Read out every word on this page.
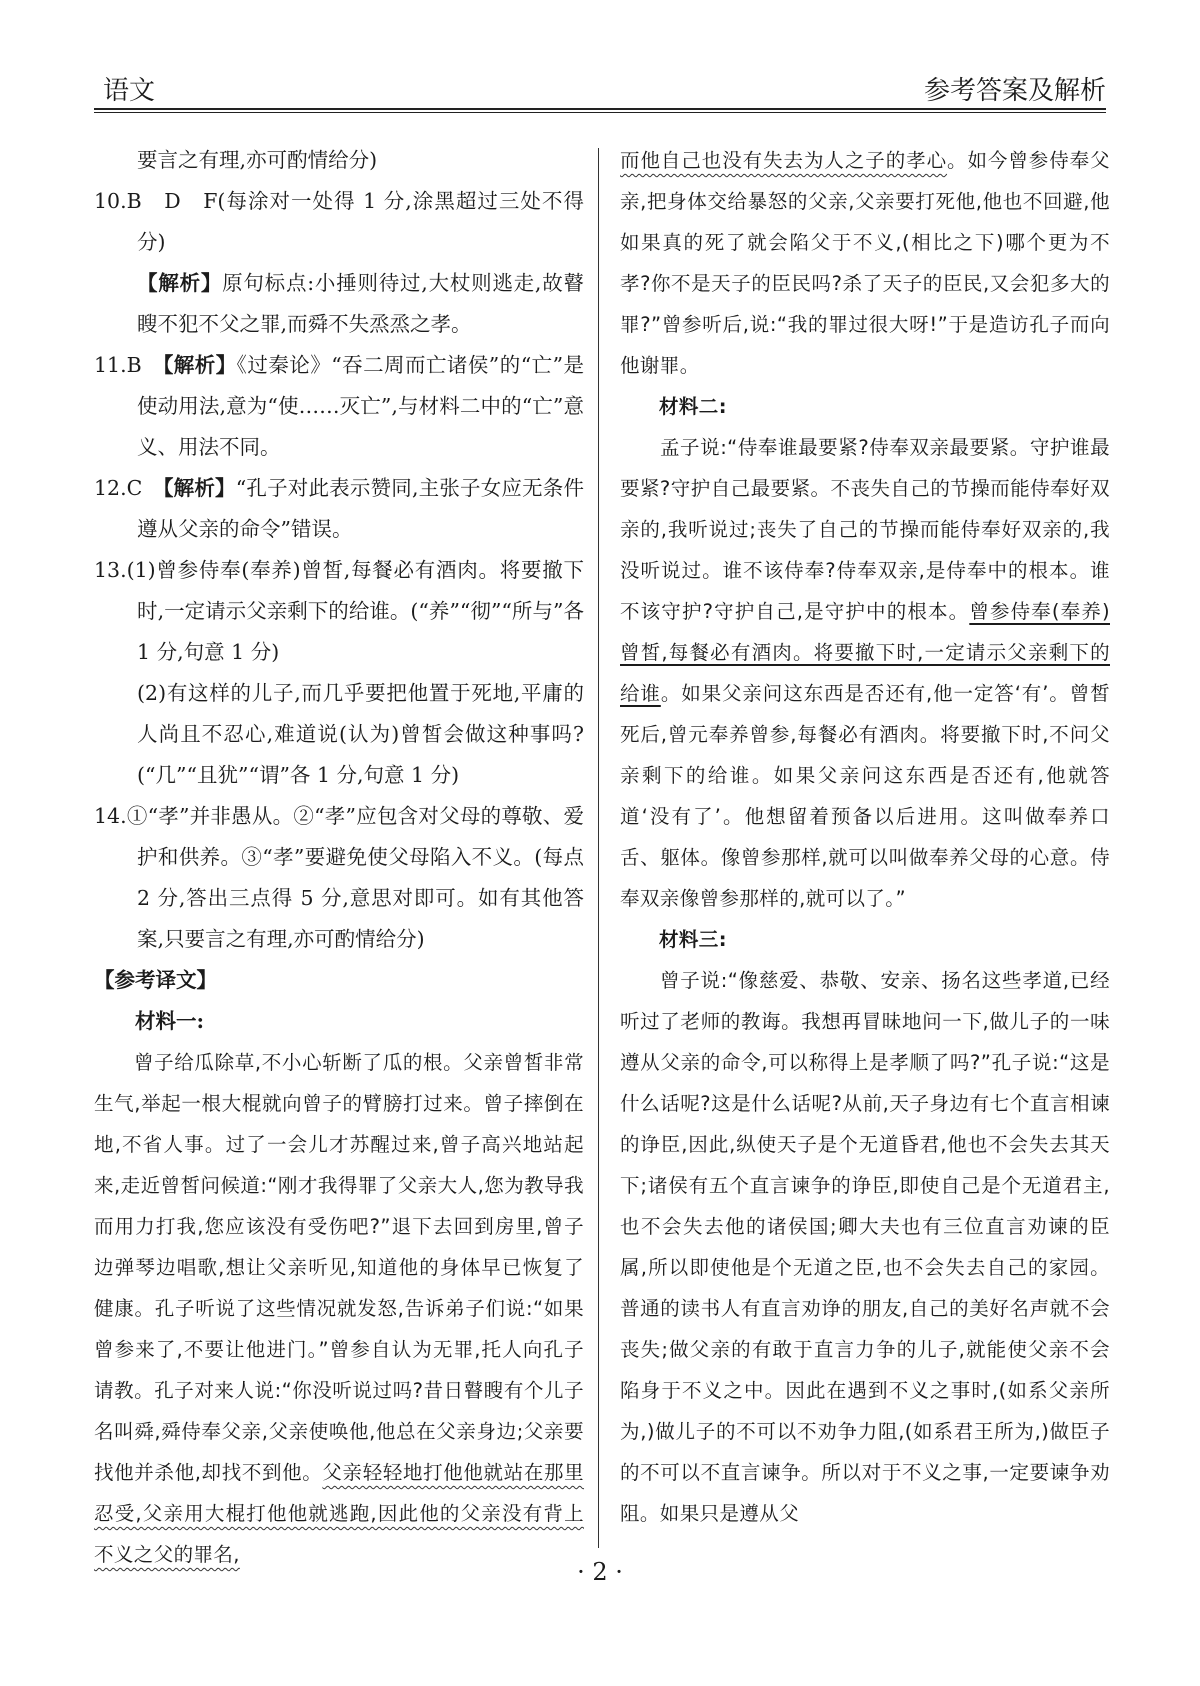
语文	参考答案及解析

要言之有理,亦可酌情给分)

10.B　D　F(每涂对一处得 1 分,涂黑超过三处不得分)

【解析】原句标点:小捶则待过,大杖则逃走,故瞽瞍不犯不父之罪,而舜不失烝烝之孝。

11.B　【解析】《过秦论》“吞二周而亡诸侯”的“亡”是使动用法,意为“使……灭亡”,与材料二中的“亡”意义、用法不同。

12.C　【解析】“孔子对此表示赞同,主张子女应无条件遵从父亲的命令”错误。

13.(1)曾参侍奉(奉养)曾皙,每餐必有酒肉。将要撤下时,一定请示父亲剩下的给谁。(“养”“彻”“所与”各 1 分,句意 1 分)

(2)有这样的儿子,而几乎要把他置于死地,平庸的人尚且不忍心,难道说(认为)曾皙会做这种事吗?(“几”“且犹”“谓”各 1 分,句意 1 分)

14.①“孝”并非愚从。②“孝”应包含对父母的尊敬、爱护和供养。③“孝”要避免使父母陷入不义。(每点 2 分,答出三点得 5 分,意思对即可。如有其他答案,只要言之有理,亦可酌情给分)

【参考译文】

材料一:

曾子给瓜除草,不小心斩断了瓜的根。父亲曾皙非常生气,举起一根大棍就向曾子的臂膀打过来。曾子摔倒在地,不省人事。过了一会儿才苏醒过来,曾子高兴地站起来,走近曾皙问候道:“刚才我得罪了父亲大人,您为教导我而用力打我,您应该没有受伤吧?”退下去回到房里,曾子边弹琴边唱歌,想让父亲听见,知道他的身体早已恢复了健康。孔子听说了这些情况就发怒,告诉弟子们说:“如果曾参来了,不要让他进门。”曾参自认为无罪,托人向孔子请教。孔子对来人说:“你没听说过吗?昔日瞽瞍有个儿子名叫舜,舜侍奉父亲,父亲使唤他,他总在父亲身边;父亲要找他并杀他,却找不到他。父亲轻轻地打他他就站在那里忍受,父亲用大棍打他他就逃跑,因此他的父亲没有背上不义之父的罪名,

而他自己也没有失去为人之子的孝心。如今曾参侍奉父亲,把身体交给暴怒的父亲,父亲要打死他,他也不回避,他如果真的死了就会陷父于不义,(相比之下)哪个更为不孝?你不是天子的臣民吗?杀了天子的臣民,又会犯多大的罪?”曾参听后,说:“我的罪过很大呀!”于是造访孔子而向他谢罪。

材料二:

孟子说:“侍奉谁最要紧?侍奉双亲最要紧。守护谁最要紧?守护自己最要紧。不丧失自己的节操而能侍奉好双亲的,我听说过;丧失了自己的节操而能侍奉好双亲的,我没听说过。谁不该侍奉?侍奉双亲,是侍奉中的根本。谁不该守护?守护自己,是守护中的根本。曾参侍奉(奉养)曾皙,每餐必有酒肉。将要撤下时,一定请示父亲剩下的给谁。如果父亲问这东西是否还有,他一定答‘有’。曾皙死后,曾元奉养曾参,每餐必有酒肉。将要撤下时,不问父亲剩下的给谁。如果父亲问这东西是否还有,他就答道‘没有了’。他想留着预备以后进用。这叫做奉养口舌、躯体。像曾参那样,就可以叫做奉养父母的心意。侍奉双亲像曾参那样的,就可以了。”

材料三:

曾子说:“像慈爱、恭敬、安亲、扬名这些孝道,已经听过了老师的教诲。我想再冒昧地问一下,做儿子的一味遵从父亲的命令,可以称得上是孝顺了吗?”孔子说:“这是什么话呢?这是什么话呢?从前,天子身边有七个直言相谏的诤臣,因此,纵使天子是个无道昏君,他也不会失去其天下;诸侯有五个直言谏争的诤臣,即使自己是个无道君主,也不会失去他的诸侯国;卿大夫也有三位直言劝谏的臣属,所以即使他是个无道之臣,也不会失去自己的家园。普通的读书人有直言劝诤的朋友,自己的美好名声就不会丧失;做父亲的有敢于直言力争的儿子,就能使父亲不会陷身于不义之中。因此在遇到不义之事时,(如系父亲所为,)做儿子的不可以不劝争力阻,(如系君王所为,)做臣子的不可以不直言谏争。所以对于不义之事,一定要谏争劝阻。如果只是遵从父

· 2 ·
